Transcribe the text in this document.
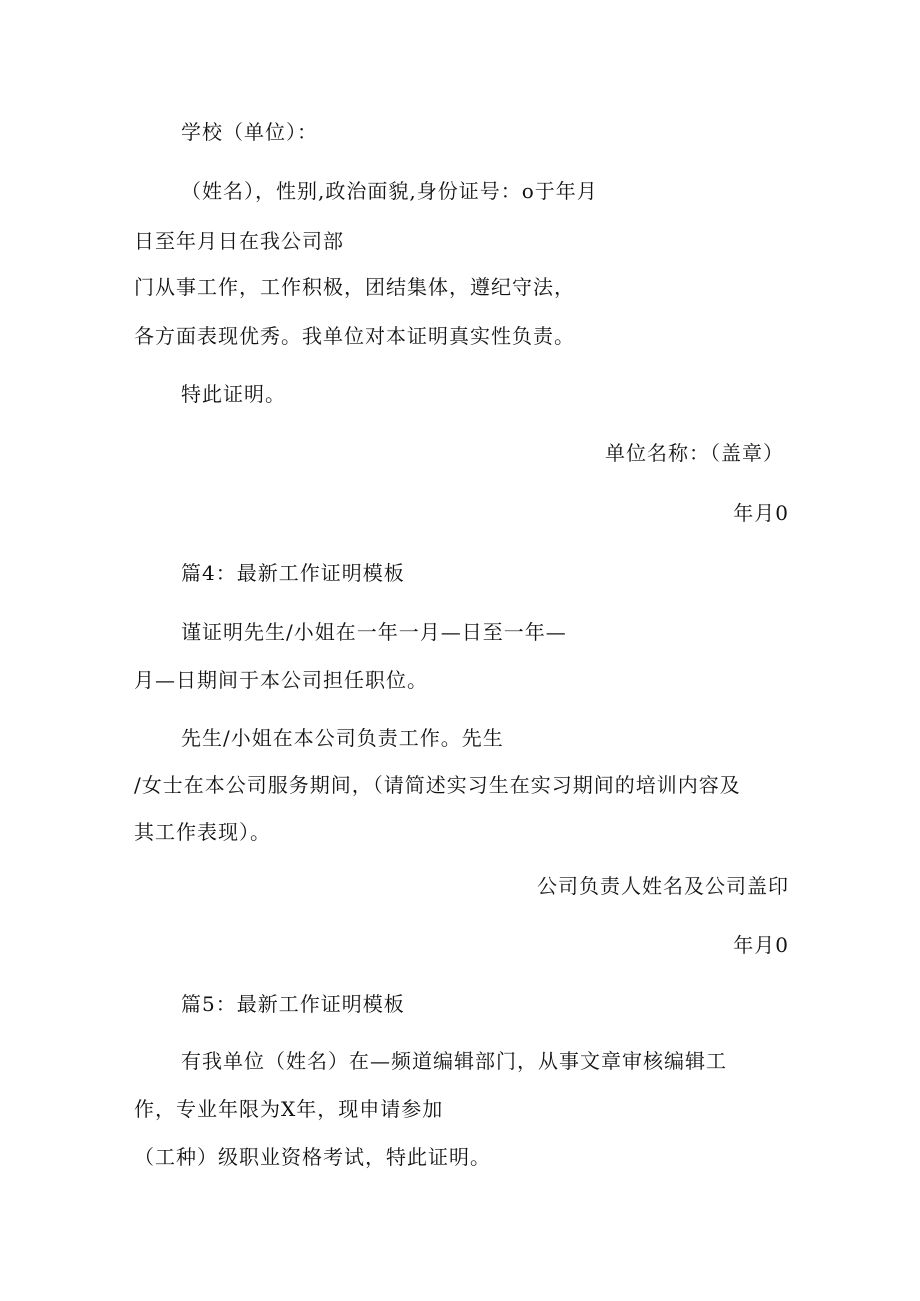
学校（单位）：
（姓名），性别,政治面貌,身份证号：o于年月
日至年月日在我公司部
门从事工作，工作积极，团结集体，遵纪守法，
各方面表现优秀。我单位对本证明真实性负责。
特此证明。
单位名称：（盖章）
年月0
篇4：最新工作证明模板
谨证明先生/小姐在一年一月—日至一年—
月—日期间于本公司担任职位。
先生/小姐在本公司负责工作。先生
/女士在本公司服务期间，（请简述实习生在实习期间的培训内容及
其工作表现）。
公司负责人姓名及公司盖印
年月0
篇5：最新工作证明模板
有我单位（姓名）在—频道编辑部门，从事文章审核编辑工
作，专业年限为X年，现申请参加
（工种）级职业资格考试，特此证明。
